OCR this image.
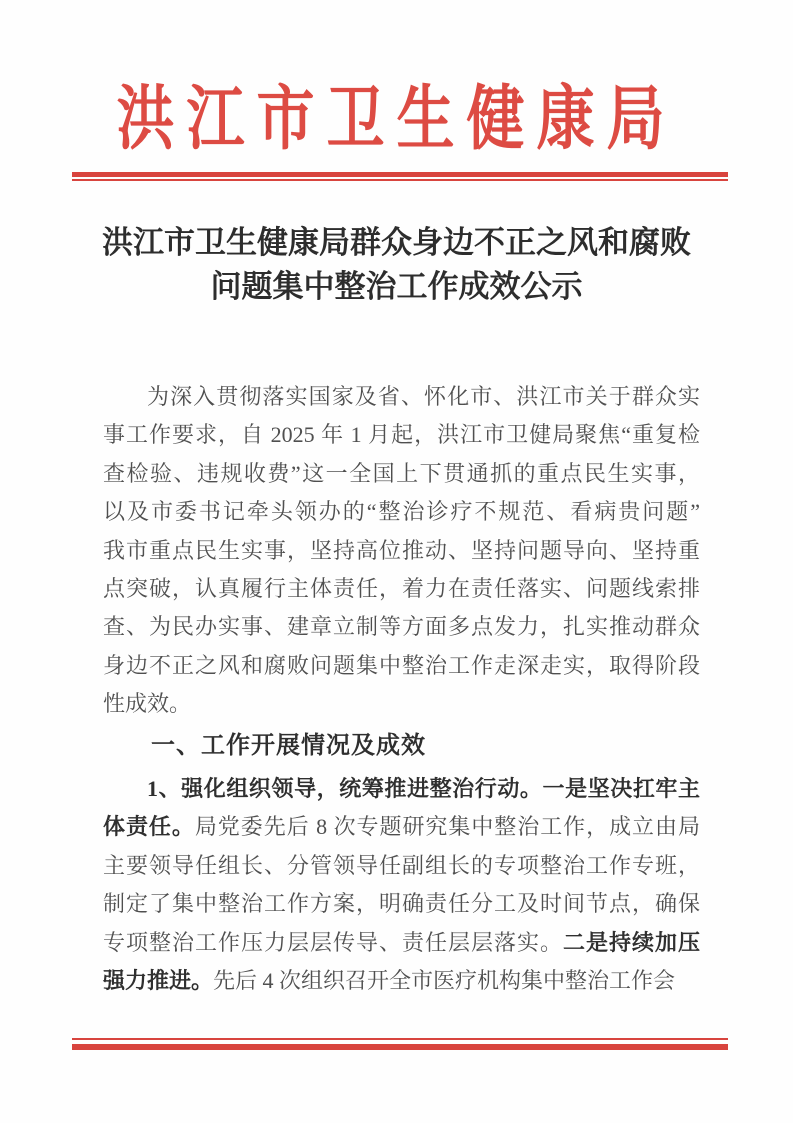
洪江市卫生健康局
洪江市卫生健康局群众身边不正之风和腐败
问题集中整治工作成效公示
为深入贯彻落实国家及省、怀化市、洪江市关于群众实
事工作要求，自 2025 年 1 月起，洪江市卫健局聚焦“重复检
查检验、违规收费”这一全国上下贯通抓的重点民生实事，
以及市委书记牵头领办的“整治诊疗不规范、看病贵问题”
我市重点民生实事，坚持高位推动、坚持问题导向、坚持重
点突破，认真履行主体责任，着力在责任落实、问题线索排
查、为民办实事、建章立制等方面多点发力，扎实推动群众
身边不正之风和腐败问题集中整治工作走深走实，取得阶段
性成效。
一、工作开展情况及成效
1、强化组织领导，统筹推进整治行动。一是坚决扛牢主
体责任。局党委先后 8 次专题研究集中整治工作，成立由局
主要领导任组长、分管领导任副组长的专项整治工作专班，
制定了集中整治工作方案，明确责任分工及时间节点，确保
专项整治工作压力层层传导、责任层层落实。二是持续加压
强力推进。先后 4 次组织召开全市医疗机构集中整治工作会
